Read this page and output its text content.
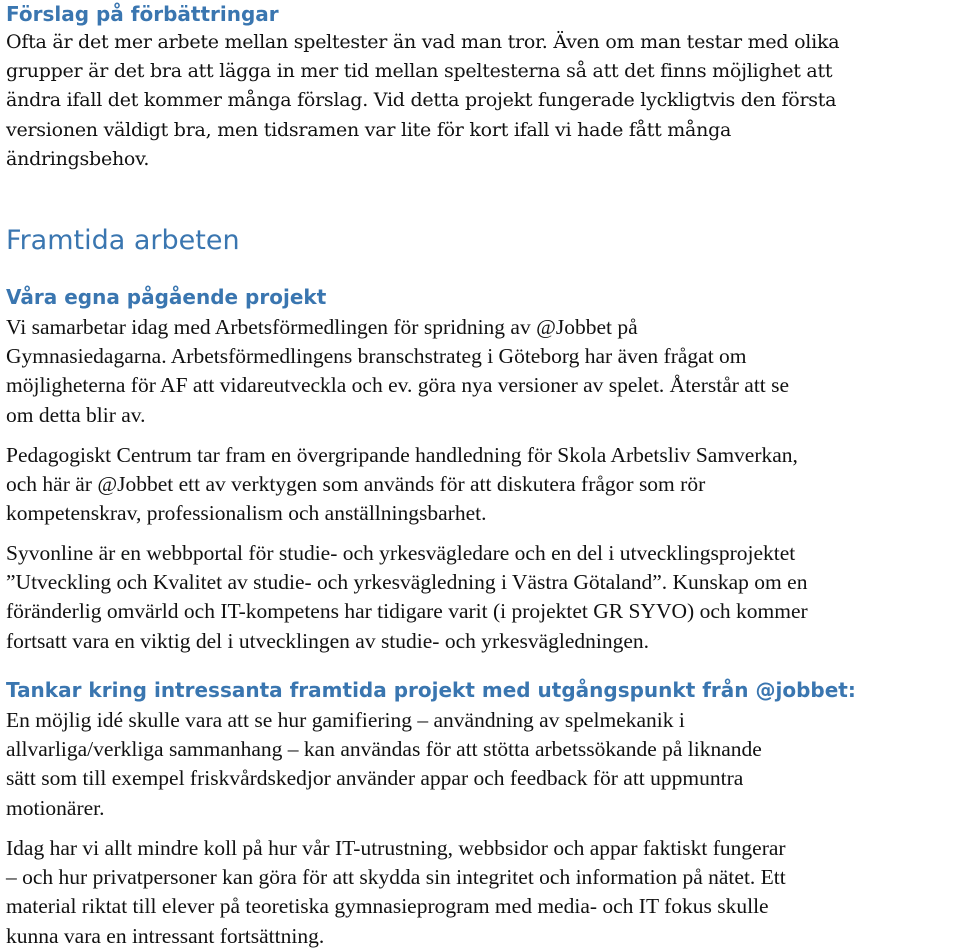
Förslag på förbättringar
Ofta är det mer arbete mellan speltester än vad man tror. Även om man testar med olika
grupper är det bra att lägga in mer tid mellan speltesterna så att det finns möjlighet att
ändra ifall det kommer många förslag. Vid detta projekt fungerade lyckligtvis den första
versionen väldigt bra, men tidsramen var lite för kort ifall vi hade fått många
ändringsbehov.
Framtida arbeten
Våra egna pågående projekt
Vi samarbetar idag med Arbetsförmedlingen för spridning av @Jobbet på
Gymnasiedagarna. Arbetsförmedlingens branschstrateg i Göteborg har även frågat om
möjligheterna för AF att vidareutveckla och ev. göra nya versioner av spelet. Återstår att se
om detta blir av.
Pedagogiskt Centrum tar fram en övergripande handledning för Skola Arbetsliv Samverkan,
och här är @Jobbet ett av verktygen som används för att diskutera frågor som rör
kompetenskrav, professionalism och anställningsbarhet.
Syvonline är en webbportal för studie- och yrkesvägledare och en del i utvecklingsprojektet
”Utveckling och Kvalitet av studie- och yrkesvägledning i Västra Götaland”. Kunskap om en
föränderlig omvärld och IT-kompetens har tidigare varit (i projektet GR SYVO) och kommer
fortsatt vara en viktig del i utvecklingen av studie- och yrkesvägledningen.
Tankar kring intressanta framtida projekt med utgångspunkt från @jobbet:
En möjlig idé skulle vara att se hur gamifiering – användning av spelmekanik i
allvarliga/verkliga sammanhang – kan användas för att stötta arbetssökande på liknande
sätt som till exempel friskvårdskedjor använder appar och feedback för att uppmuntra
motionärer.
Idag har vi allt mindre koll på hur vår IT-utrustning, webbsidor och appar faktiskt fungerar
– och hur privatpersoner kan göra för att skydda sin integritet och information på nätet. Ett
material riktat till elever på teoretiska gymnasieprogram med media- och IT fokus skulle
kunna vara en intressant fortsättning.
